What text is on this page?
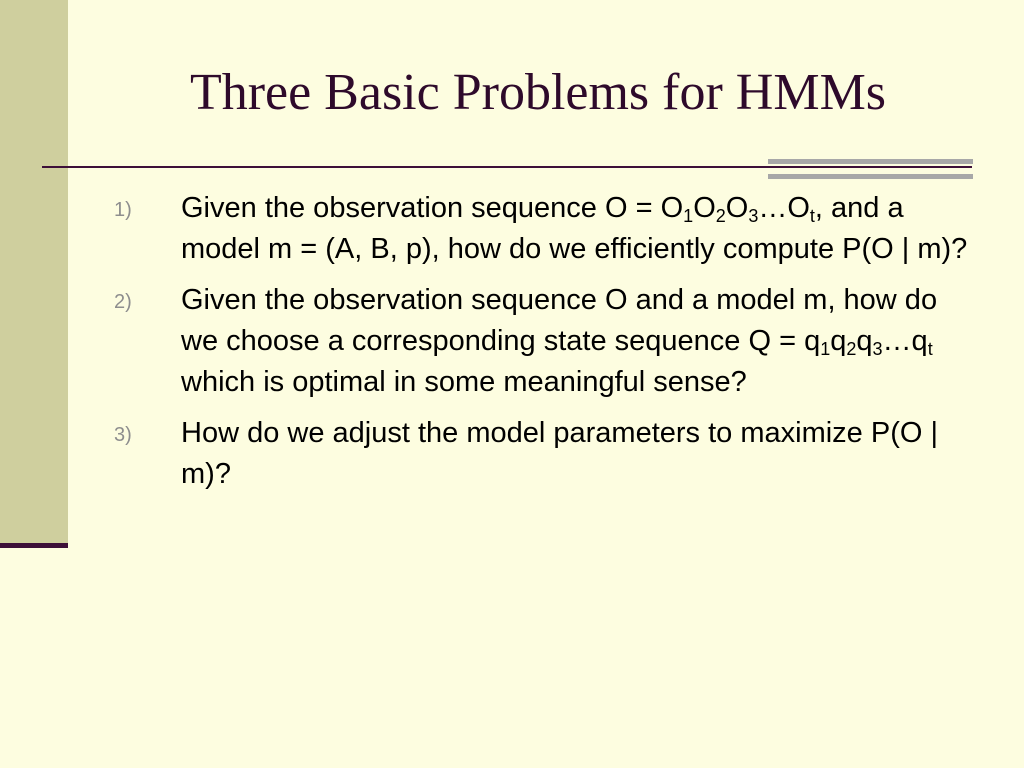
Three Basic Problems for HMMs
1) Given the observation sequence $O = O_1O_2O_3\dots O_t$, and a model m = (A, B, p), how do we efficiently compute P(O | m)?
2) Given the observation sequence O and a model m, how do we choose a corresponding state sequence $Q = q_1q_2q_3\dots q_t$ which is optimal in some meaningful sense?
3) How do we adjust the model parameters to maximize P(O | m)?
